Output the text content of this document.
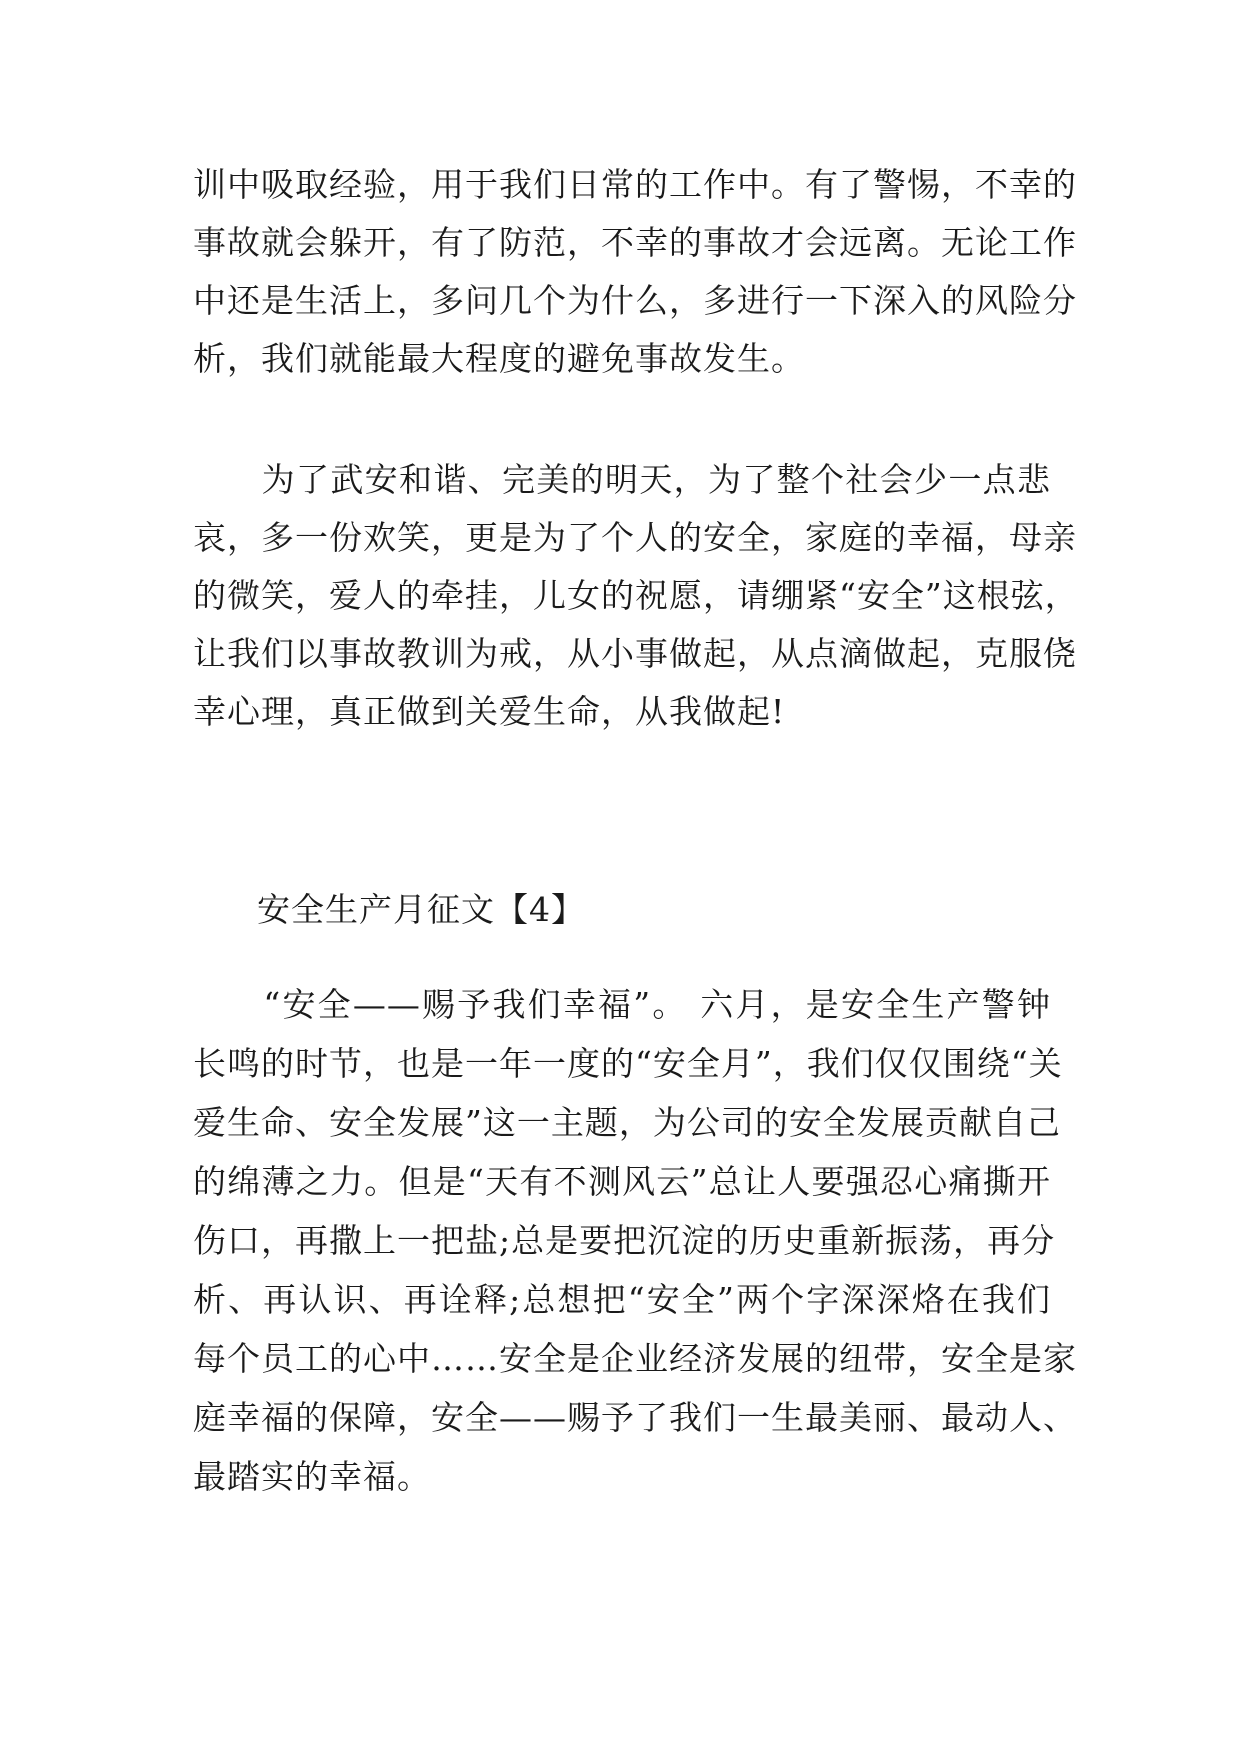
训中吸取经验，用于我们日常的工作中。有了警惕，不幸的
事故就会躲开，有了防范，不幸的事故才会远离。无论工作
中还是生活上，多问几个为什么，多进行一下深入的风险分
析，我们就能最大程度的避免事故发生。
　　为了武安和谐、完美的明天，为了整个社会少一点悲
哀，多一份欢笑，更是为了个人的安全，家庭的幸福，母亲
的微笑，爱人的牵挂，儿女的祝愿，请绷紧“安全”这根弦，
让我们以事故教训为戒，从小事做起，从点滴做起，克服侥
幸心理，真正做到关爱生命，从我做起!
安全生产月征文【4】
　　“安全——赐予我们幸福”。 六月，是安全生产警钟
长鸣的时节，也是一年一度的“安全月”，我们仅仅围绕“关
爱生命、安全发展”这一主题，为公司的安全发展贡献自己
的绵薄之力。但是“天有不测风云”总让人要强忍心痛撕开
伤口，再撒上一把盐;总是要把沉淀的历史重新振荡，再分
析、再认识、再诠释;总想把“安全”两个字深深烙在我们
每个员工的心中……安全是企业经济发展的纽带，安全是家
庭幸福的保障，安全——赐予了我们一生最美丽、最动人、
最踏实的幸福。
